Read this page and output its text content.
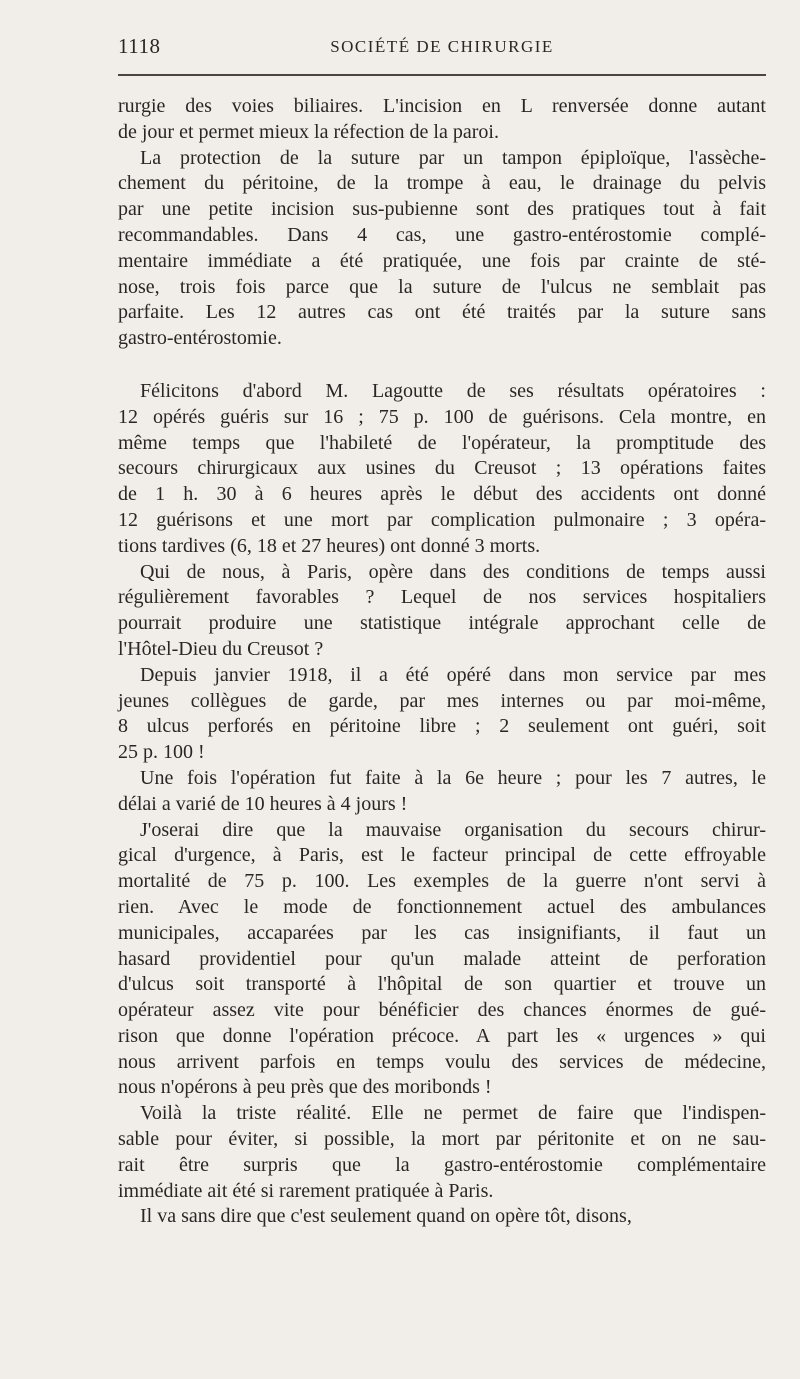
1118	SOCIÉTÉ DE CHIRURGIE
rurgie des voies biliaires. L'incision en L renversée donne autant
de jour et permet mieux la réfection de la paroi.
La protection de la suture par un tampon épiploïque, l'assèche-
chement du péritoine, de la trompe à eau, le drainage du pelvis
par une petite incision sus-pubienne sont des pratiques tout à fait
recommandables. Dans 4 cas, une gastro-entérostomie complé-
mentaire immédiate a été pratiquée, une fois par crainte de sté-
nose, trois fois parce que la suture de l'ulcus ne semblait pas
parfaite. Les 12 autres cas ont été traités par la suture sans
gastro-entérostomie.
Félicitons d'abord M. Lagoutte de ses résultats opératoires :
12 opérés guéris sur 16 ; 75 p. 100 de guérisons. Cela montre, en
même temps que l'habileté de l'opérateur, la promptitude des
secours chirurgicaux aux usines du Creusot ; 13 opérations faites
de 1 h. 30 à 6 heures après le début des accidents ont donné
12 guérisons et une mort par complication pulmonaire ; 3 opéra-
tions tardives (6, 18 et 27 heures) ont donné 3 morts.
Qui de nous, à Paris, opère dans des conditions de temps aussi
régulièrement favorables ? Lequel de nos services hospitaliers
pourrait produire une statistique intégrale approchant celle de
l'Hôtel-Dieu du Creusot ?
Depuis janvier 1918, il a été opéré dans mon service par mes
jeunes collègues de garde, par mes internes ou par moi-même,
8 ulcus perforés en péritoine libre ; 2 seulement ont guéri, soit
25 p. 100 !
Une fois l'opération fut faite à la 6e heure ; pour les 7 autres, le
délai a varié de 10 heures à 4 jours !
J'oserai dire que la mauvaise organisation du secours chirur-
gical d'urgence, à Paris, est le facteur principal de cette effroyable
mortalité de 75 p. 100. Les exemples de la guerre n'ont servi à
rien. Avec le mode de fonctionnement actuel des ambulances
municipales, accaparées par les cas insignifiants, il faut un
hasard providentiel pour qu'un malade atteint de perforation
d'ulcus soit transporté à l'hôpital de son quartier et trouve un
opérateur assez vite pour bénéficier des chances énormes de gué-
rison que donne l'opération précoce. A part les « urgences » qui
nous arrivent parfois en temps voulu des services de médecine,
nous n'opérons à peu près que des moribonds !
Voilà la triste réalité. Elle ne permet de faire que l'indispen-
sable pour éviter, si possible, la mort par péritonite et on ne sau-
rait être surpris que la gastro-entérostomie complémentaire
immédiate ait été si rarement pratiquée à Paris.
Il va sans dire que c'est seulement quand on opère tôt, disons,
